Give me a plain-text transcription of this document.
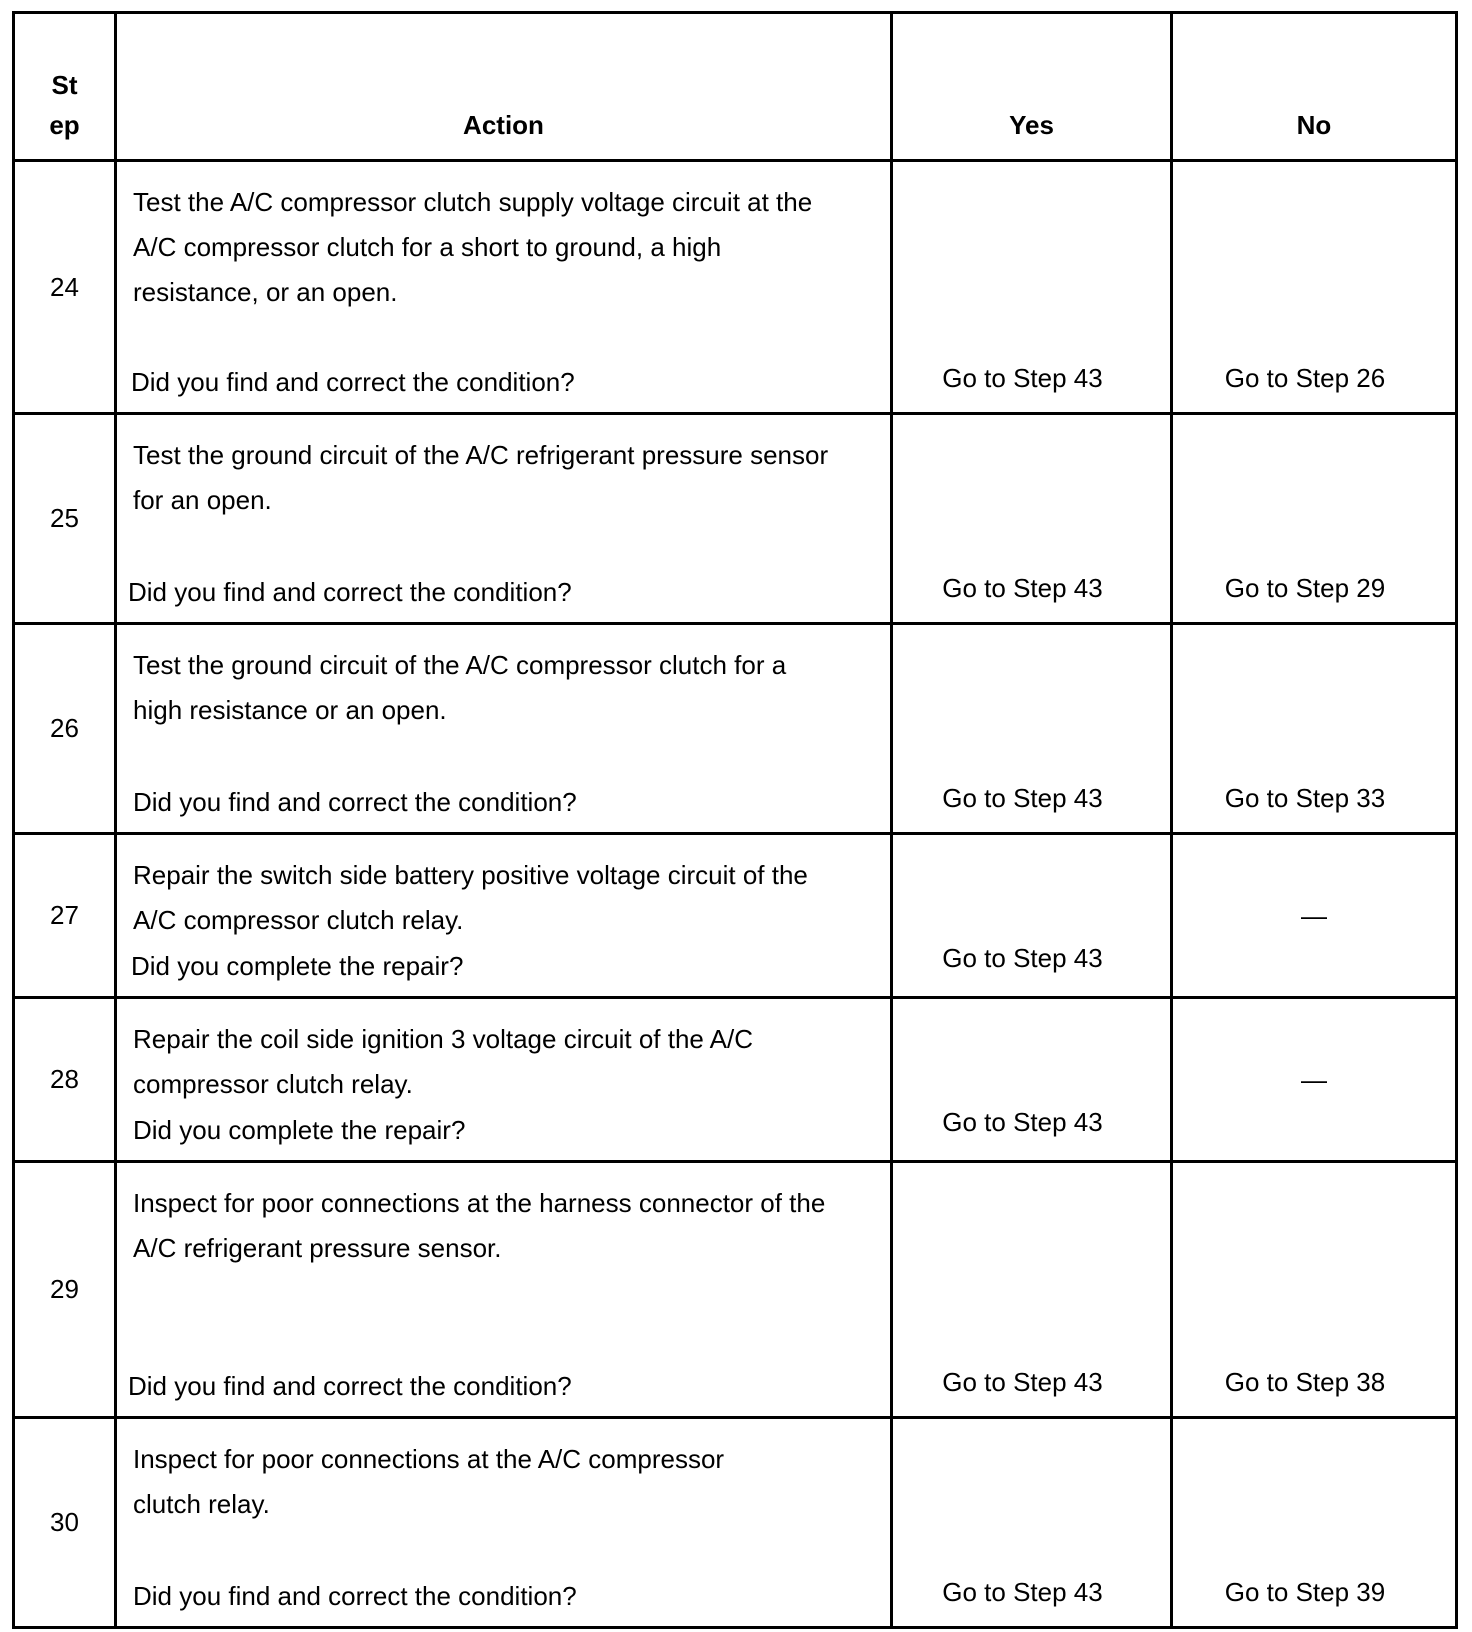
St
ep	Action	Yes	No
24	Test the A/C compressor clutch supply voltage circuit at the A/C compressor clutch for a short to ground, a high resistance, or an open.
Did you find and correct the condition?	Go to Step 43	Go to Step 26

25	Test the ground circuit of the A/C refrigerant pressure sensor for an open.
Did you find and correct the condition?	Go to Step 43	Go to Step 29

26	Test the ground circuit of the A/C compressor clutch for a high resistance or an open.
Did you find and correct the condition?	Go to Step 43	Go to Step 33

27	Repair the switch side battery positive voltage circuit of the A/C compressor clutch relay.
Did you complete the repair?	Go to Step 43	—

28	Repair the coil side ignition 3 voltage circuit of the A/C compressor clutch relay.
Did you complete the repair?	Go to Step 43	—

29	Inspect for poor connections at the harness connector of the A/C refrigerant pressure sensor.
Did you find and correct the condition?	Go to Step 43	Go to Step 38

30	Inspect for poor connections at the A/C compressor clutch relay.
Did you find and correct the condition?	Go to Step 43	Go to Step 39
